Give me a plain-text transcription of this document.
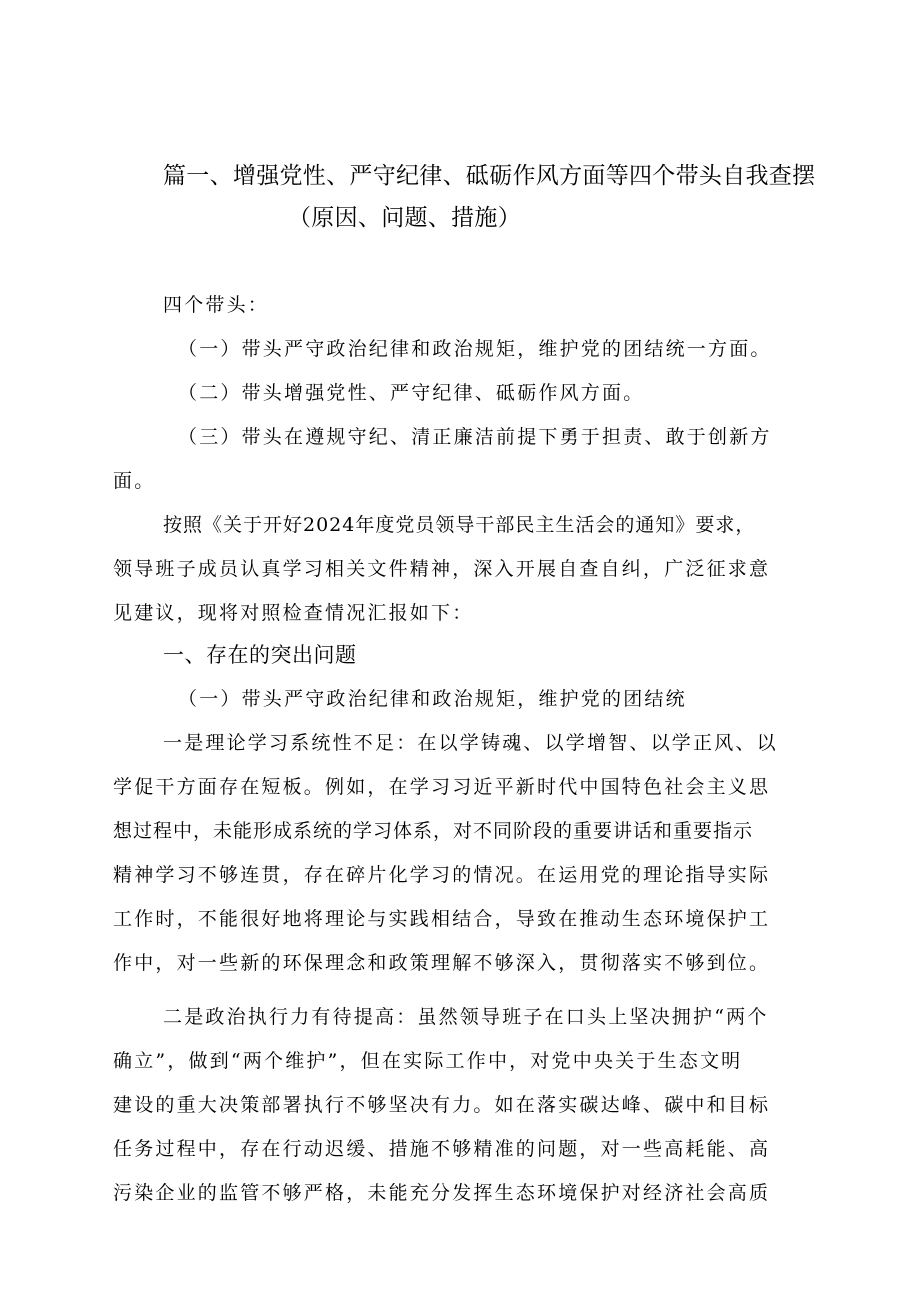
篇一、增强党性、严守纪律、砥砺作风方面等四个带头自我查摆
（原因、问题、措施）
四个带头：
（一）带头严守政治纪律和政治规矩，维护党的团结统一方面。
（二）带头增强党性、严守纪律、砥砺作风方面。
（三）带头在遵规守纪、清正廉洁前提下勇于担责、敢于创新方
面。
按照《关于开好2024年度党员领导干部民主生活会的通知》要求，
领导班子成员认真学习相关文件精神，深入开展自查自纠，广泛征求意
见建议，现将对照检查情况汇报如下：
一、存在的突出问题
（一）带头严守政治纪律和政治规矩，维护党的团结统
一是理论学习系统性不足：在以学铸魂、以学增智、以学正风、以
学促干方面存在短板。例如，在学习习近平新时代中国特色社会主义思
想过程中，未能形成系统的学习体系，对不同阶段的重要讲话和重要指示
精神学习不够连贯，存在碎片化学习的情况。在运用党的理论指导实际
工作时，不能很好地将理论与实践相结合，导致在推动生态环境保护工
作中，对一些新的环保理念和政策理解不够深入，贯彻落实不够到位。
二是政治执行力有待提高：虽然领导班子在口头上坚决拥护“两个
确立”，做到“两个维护”，但在实际工作中，对党中央关于生态文明
建设的重大决策部署执行不够坚决有力。如在落实碳达峰、碳中和目标
任务过程中，存在行动迟缓、措施不够精准的问题，对一些高耗能、高
污染企业的监管不够严格，未能充分发挥生态环境保护对经济社会高质
